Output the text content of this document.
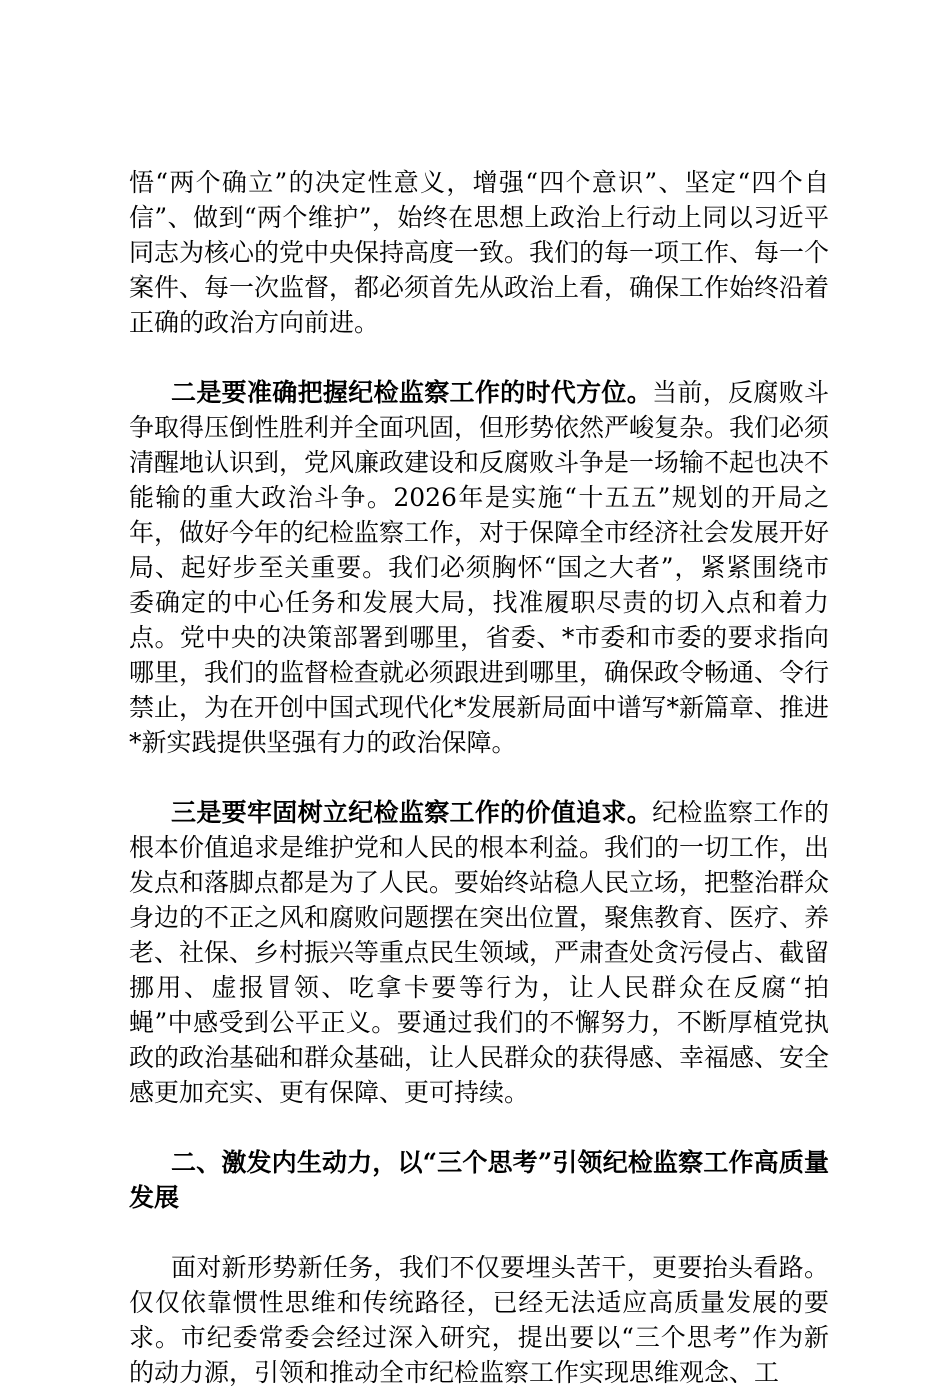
悟“两个确立”的决定性意义，增强“四个意识”、坚定“四个自信”、做到“两个维护”，始终在思想上政治上行动上同以习近平同志为核心的党中央保持高度一致。我们的每一项工作、每一个案件、每一次监督，都必须首先从政治上看，确保工作始终沿着正确的政治方向前进。

二是要准确把握纪检监察工作的时代方位。当前，反腐败斗争取得压倒性胜利并全面巩固，但形势依然严峻复杂。我们必须清醒地认识到，党风廉政建设和反腐败斗争是一场输不起也决不能输的重大政治斗争。2026年是实施“十五五”规划的开局之年，做好今年的纪检监察工作，对于保障全市经济社会发展开好局、起好步至关重要。我们必须胸怀“国之大者”，紧紧围绕市委确定的中心任务和发展大局，找准履职尽责的切入点和着力点。党中央的决策部署到哪里，省委、*市委和市委的要求指向哪里，我们的监督检查就必须跟进到哪里，确保政令畅通、令行禁止，为在开创中国式现代化*发展新局面中谱写*新篇章、推进*新实践提供坚强有力的政治保障。

三是要牢固树立纪检监察工作的价值追求。纪检监察工作的根本价值追求是维护党和人民的根本利益。我们的一切工作，出发点和落脚点都是为了人民。要始终站稳人民立场，把整治群众身边的不正之风和腐败问题摆在突出位置，聚焦教育、医疗、养老、社保、乡村振兴等重点民生领域，严肃查处贪污侵占、截留挪用、虚报冒领、吃拿卡要等行为，让人民群众在反腐“拍蝇”中感受到公平正义。要通过我们的不懈努力，不断厚植党执政的政治基础和群众基础，让人民群众的获得感、幸福感、安全感更加充实、更有保障、更可持续。

二、激发内生动力，以“三个思考”引领纪检监察工作高质量发展

面对新形势新任务，我们不仅要埋头苦干，更要抬头看路。仅仅依靠惯性思维和传统路径，已经无法适应高质量发展的要求。市纪委常委会经过深入研究，提出要以“三个思考”作为新的动力源，引领和推动全市纪检监察工作实现思维观念、工
